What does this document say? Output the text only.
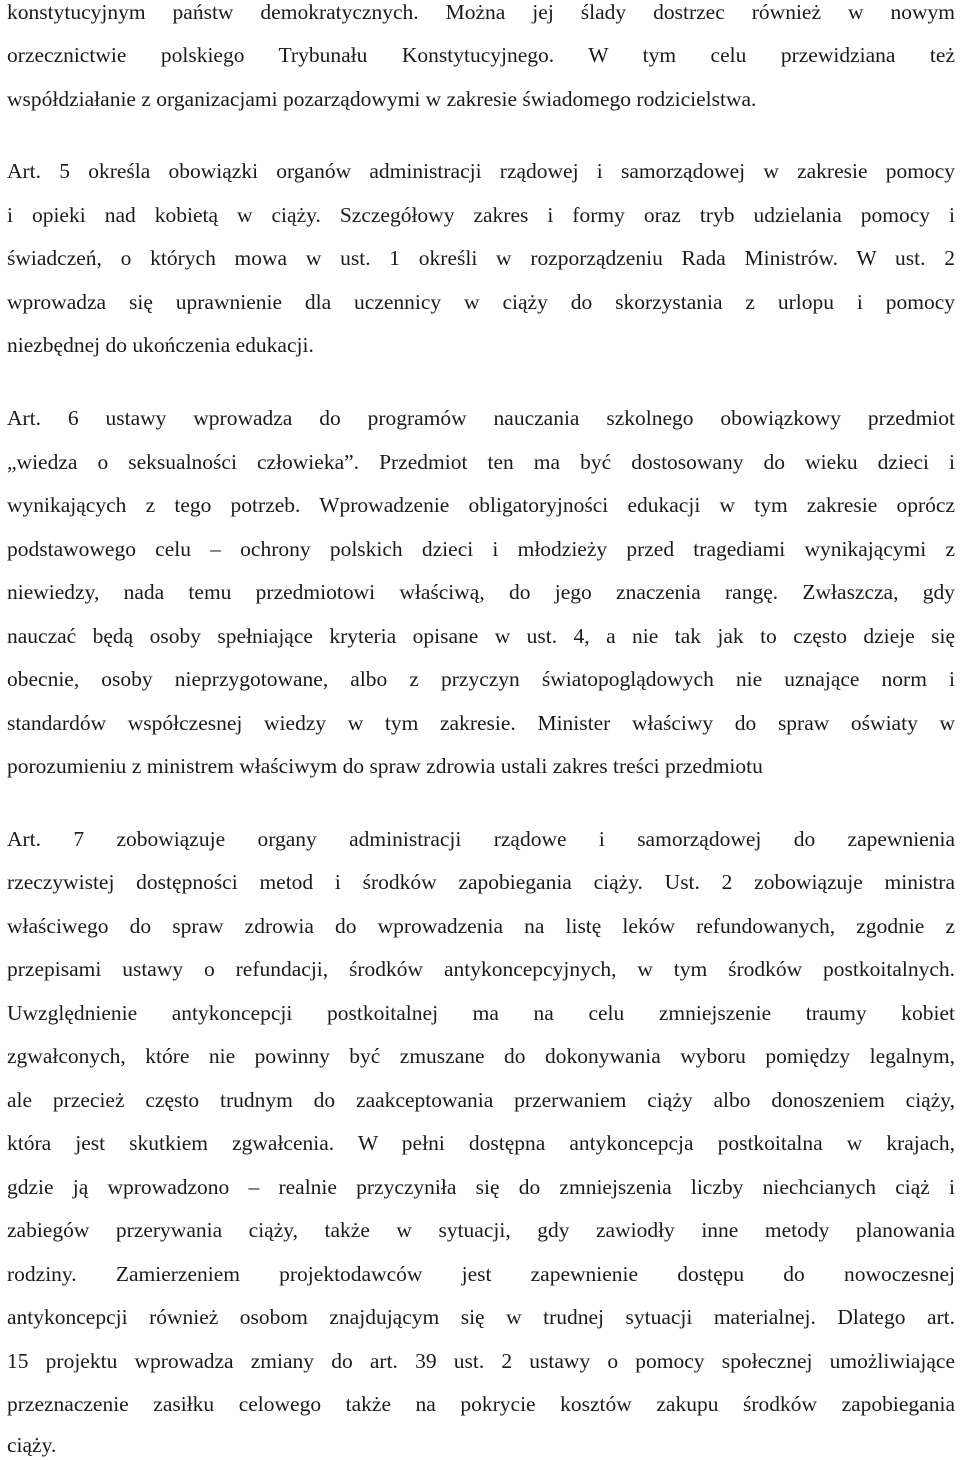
konstytucyjnym państw demokratycznych. Można jej ślady dostrzec również w nowym

orzecznictwie polskiego Trybunału Konstytucyjnego. W tym celu przewidziana też

współdziałanie z organizacjami pozarządowymi w zakresie świadomego rodzicielstwa.

Art. 5 określa obowiązki organów administracji rządowej i samorządowej w zakresie pomocy

i opieki nad kobietą w ciąży. Szczegółowy zakres i formy oraz tryb udzielania pomocy i

świadczeń, o których mowa w ust. 1 określi w rozporządzeniu Rada Ministrów. W ust. 2

wprowadza się uprawnienie dla uczennicy w ciąży do skorzystania z urlopu i pomocy

niezbędnej do ukończenia edukacji.

Art. 6 ustawy wprowadza do programów nauczania szkolnego obowiązkowy przedmiot

„wiedza o seksualności człowieka”. Przedmiot ten ma być dostosowany do wieku dzieci i

wynikających z tego potrzeb. Wprowadzenie obligatoryjności edukacji w tym zakresie oprócz

podstawowego celu – ochrony polskich dzieci i młodzieży przed tragediami wynikającymi z

niewiedzy, nada temu przedmiotowi właściwą, do jego znaczenia rangę. Zwłaszcza, gdy

nauczać będą osoby spełniające kryteria opisane w ust. 4, a nie tak jak to często dzieje się

obecnie, osoby nieprzygotowane, albo z przyczyn światopoglądowych nie uznające norm i

standardów współczesnej wiedzy w tym zakresie. Minister właściwy do spraw oświaty w

porozumieniu z ministrem właściwym do spraw zdrowia ustali zakres treści przedmiotu

Art. 7 zobowiązuje organy administracji rządowe i samorządowej do zapewnienia

rzeczywistej dostępności metod i środków zapobiegania ciąży. Ust. 2 zobowiązuje ministra

właściwego do spraw zdrowia do wprowadzenia na listę leków refundowanych, zgodnie z

przepisami ustawy o refundacji, środków antykoncepcyjnych, w tym środków postkoitalnych.

Uwzględnienie antykoncepcji postkoitalnej ma na celu zmniejszenie traumy kobiet

zgwałconych, które nie powinny być zmuszane do dokonywania wyboru pomiędzy legalnym,

ale przecież często trudnym do zaakceptowania przerwaniem ciąży albo donoszeniem ciąży,

która jest skutkiem zgwałcenia. W pełni dostępna antykoncepcja postkoitalna w krajach,

gdzie ją wprowadzono – realnie przyczyniła się do zmniejszenia liczby niechcianych ciąż i

zabiegów przerywania ciąży, także w sytuacji, gdy zawiodły inne metody planowania

rodziny. Zamierzeniem projektodawców jest zapewnienie dostępu do nowoczesnej

antykoncepcji również osobom znajdującym się w trudnej sytuacji materialnej. Dlatego art.

15 projektu wprowadza zmiany do art. 39 ust. 2 ustawy o pomocy społecznej umożliwiające

przeznaczenie zasiłku celowego także na pokrycie kosztów zakupu środków zapobiegania

ciąży.
